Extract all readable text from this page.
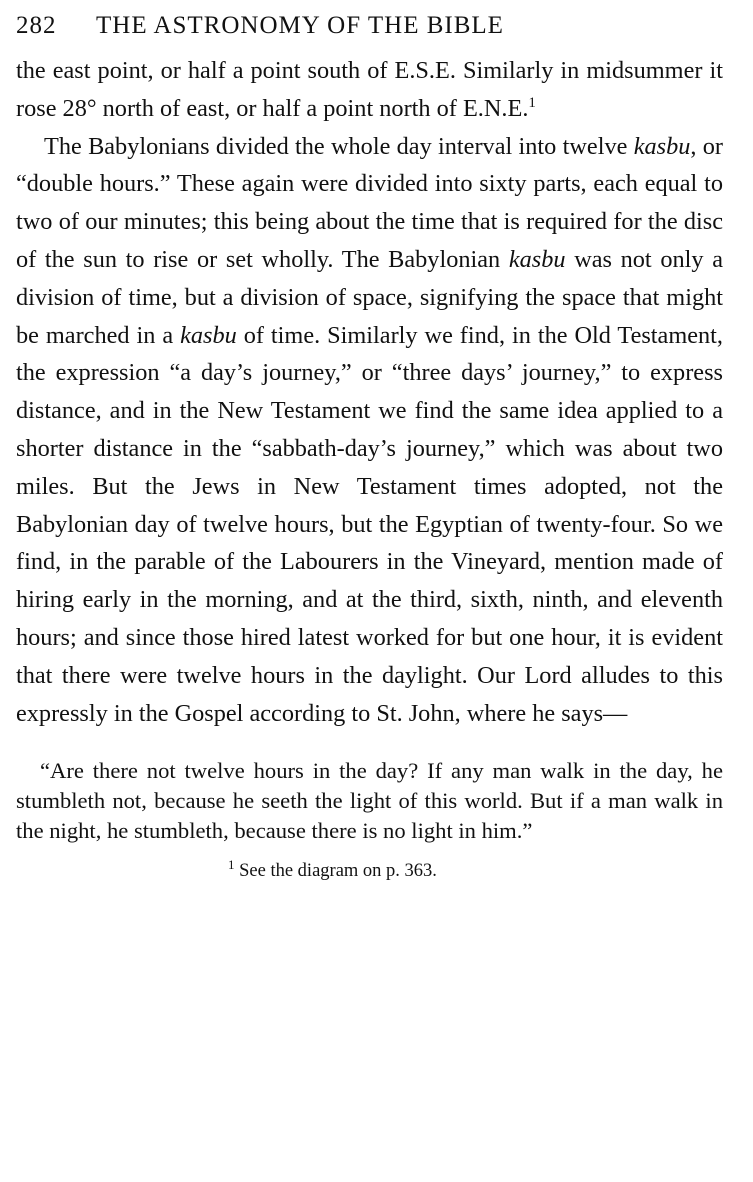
282	THE ASTRONOMY OF THE BIBLE

the east point, or half a point south of E.S.E. Similarly in midsummer it rose 28° north of east, or half a point north of E.N.E.$^1$

The Babylonians divided the whole day interval into twelve kasbu, or “double hours.” These again were divided into sixty parts, each equal to two of our minutes; this being about the time that is required for the disc of the sun to rise or set wholly. The Babylonian kasbu was not only a division of time, but a division of space, signifying the space that might be marched in a kasbu of time. Similarly we find, in the Old Testament, the expression “a day’s journey,” or “three days’ journey,” to express distance, and in the New Testament we find the same idea applied to a shorter distance in the “sabbath-day’s journey,” which was about two miles. But the Jews in New Testament times adopted, not the Babylonian day of twelve hours, but the Egyptian of twenty-four. So we find, in the parable of the Labourers in the Vineyard, mention made of hiring early in the morning, and at the third, sixth, ninth, and eleventh hours; and since those hired latest worked for but one hour, it is evident that there were twelve hours in the daylight. Our Lord alludes to this expressly in the Gospel according to St. John, where he says—

“Are there not twelve hours in the day? If any man walk in the day, he stumbleth not, because he seeth the light of this world. But if a man walk in the night, he stumbleth, because there is no light in him.”
$^1$ See the diagram on p. 363.
